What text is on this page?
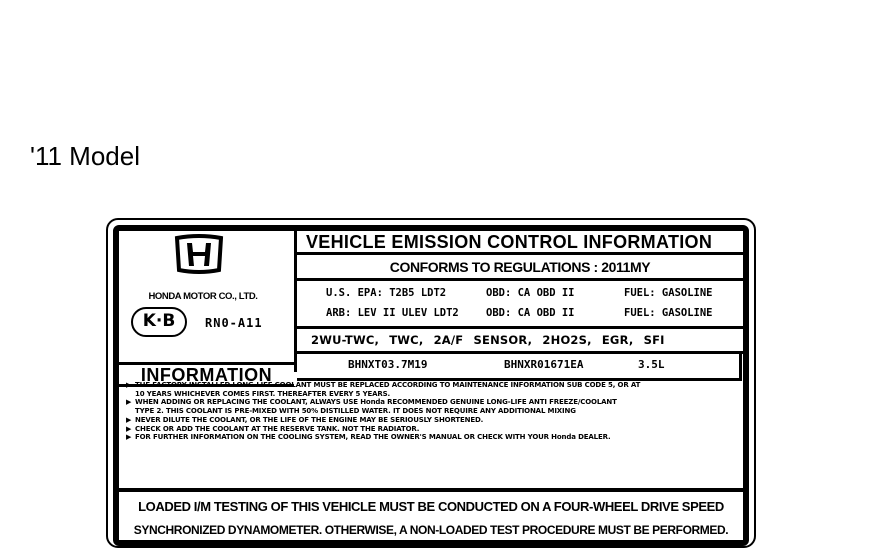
'11 Model
HONDA MOTOR CO., LTD.
K·B	RN0-A11
INFORMATION
VEHICLE EMISSION CONTROL INFORMATION
CONFORMS TO REGULATIONS : 2011MY
U.S. EPA: T2B5 LDT2	OBD: CA OBD II	FUEL: GASOLINE
ARB: LEV II ULEV LDT2	OBD: CA OBD II	FUEL: GASOLINE
2WU-TWC, TWC, 2A/F SENSOR, 2HO2S, EGR, SFI
BHNXT03.7M19	BHNXR01671EA	3.5L
▶ THE FACTORY INSTALLED LONG-LIFE COOLANT MUST BE REPLACED ACCORDING TO MAINTENANCE INFORMATION SUB CODE 5, OR AT
10 YEARS WHICHEVER COMES FIRST. THEREAFTER EVERY 5 YEARS.
▶ WHEN ADDING OR REPLACING THE COOLANT, ALWAYS USE Honda RECOMMENDED GENUINE LONG-LIFE ANTI FREEZE/COOLANT
TYPE 2. THIS COOLANT IS PRE-MIXED WITH 50% DISTILLED WATER. IT DOES NOT REQUIRE ANY ADDITIONAL MIXING
▶ NEVER DILUTE THE COOLANT, OR THE LIFE OF THE ENGINE MAY BE SERIOUSLY SHORTENED.
▶ CHECK OR ADD THE COOLANT AT THE RESERVE TANK. NOT THE RADIATOR.
▶ FOR FURTHER INFORMATION ON THE COOLING SYSTEM, READ THE OWNER'S MANUAL OR CHECK WITH YOUR Honda DEALER.
LOADED I/M TESTING OF THIS VEHICLE MUST BE CONDUCTED ON A FOUR-WHEEL DRIVE SPEED
SYNCHRONIZED DYNAMOMETER. OTHERWISE, A NON-LOADED TEST PROCEDURE MUST BE PERFORMED.
